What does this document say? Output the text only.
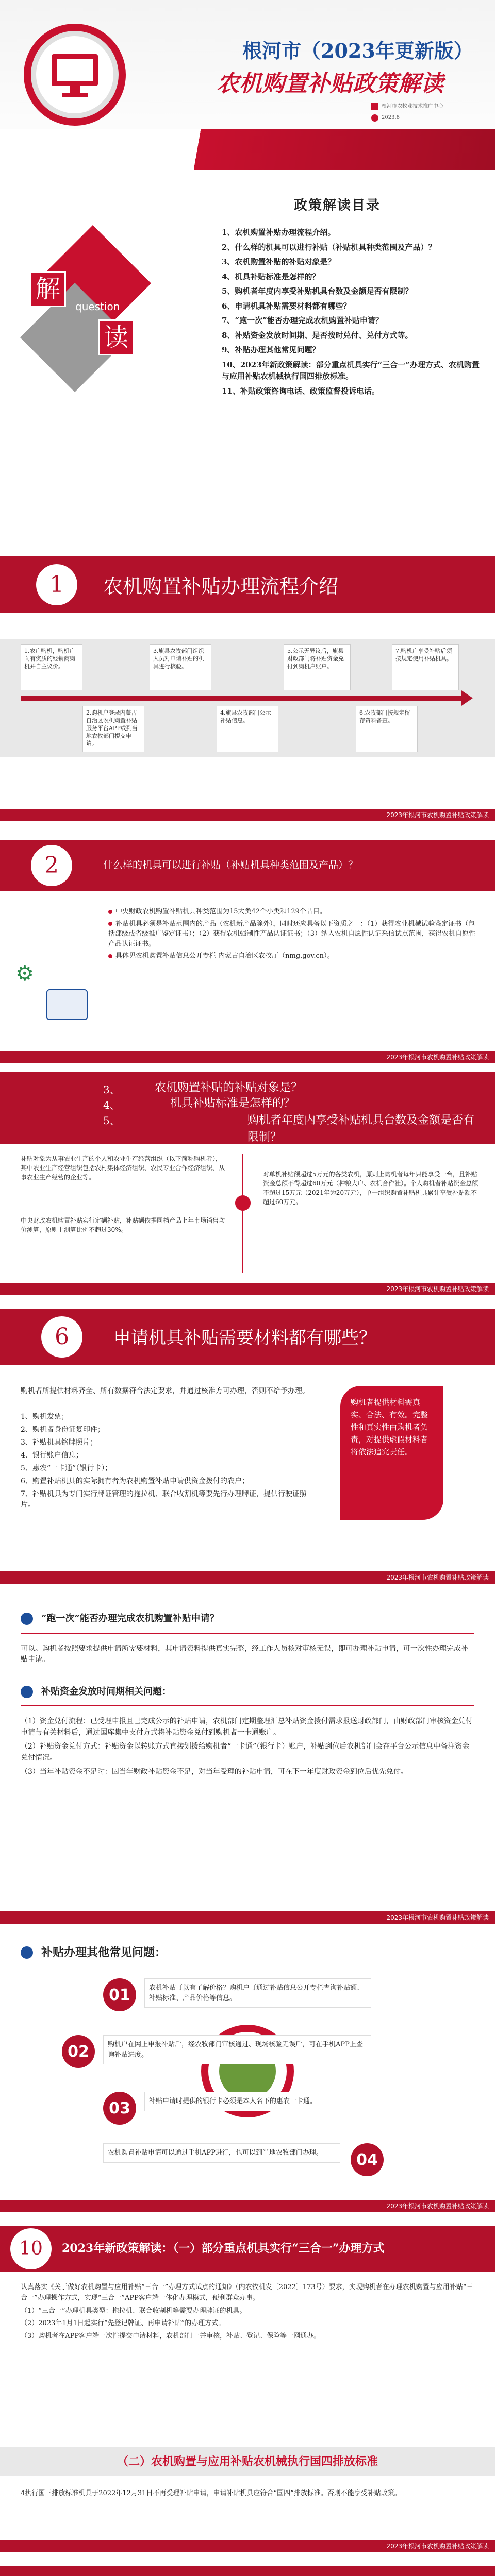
根河市（2023年更新版）
农机购置补贴政策解读
根河市农牧业技术推广中心
2023.8
政策解读目录
解
question
读
1、农机购置补贴办理流程介绍。
2、什么样的机具可以进行补贴（补贴机具种类范围及产品）？
3、农机购置补贴的补贴对象是？
4、机具补贴标准是怎样的？
5、购机者年度内享受补贴机具台数及金额是否有限制？
6、申请机具补贴需要材料都有哪些？
7、“跑一次”能否办理完成农机购置补贴申请？
8、补贴资金发放时间期、是否按时兑付、兑付方式等。
9、补贴办理其他常见问题？
10、2023年新政策解读：部分重点机具实行“三合一”办理方式、农机购置与应用补贴农机械执行国四排放标准。
11、补贴政策咨询电话、政策监督投诉电话。
1	农机购置补贴办理流程介绍
1.农户购机，购机户向有资质的经销商购机并自主议价。
2.购机户登录内蒙古自治区农机购置补贴服务平台APP或到当地农牧部门提交申请。
3.旗县农牧部门组织人员对申请补贴的机具进行核验。
4.旗县农牧部门公示补贴信息。
5.公示无异议后，旗县财政部门将补贴资金兑付到购机户账户。
6.农牧部门按规定留存资料备查。
7.购机户享受补贴后须按规定使用补贴机具。
2023年根河市农机购置补贴政策解读
2	什么样的机具可以进行补贴（补贴机具种类范围及产品）？
⚙

中央财政农机购置补贴机具种类范围为15大类42个小类和129个品目。

补贴机具必须是补贴范围内的产品（农机新产品除外），同时还应具备以下资质之一：（1）获得农业机械试验鉴定证书（包括部级或省级推广鉴定证书）；（2）获得农机强制性产品认证证书；（3）纳入农机自愿性认证采信试点范围，获得农机自愿性产品认证证书。

具体见农机购置补贴信息公开专栏 内蒙古自治区农牧厅（nmg.gov.cn）。

2023年根河市农机购置补贴政策解读
3、
4、
5、
农机购置补贴的补贴对象是？
机具补贴标准是怎样的？
购机者年度内享受补贴机具台数及金额是否有限制？
补贴对象为从事农业生产的个人和农业生产经营组织（以下简称购机者），其中农业生产经营组织包括农村集体经济组织、农民专业合作经济组织、从事农业生产经营的企业等。
中央财政农机购置补贴实行定额补贴，补贴额依据同档产品上年市场销售均价测算，原则上测算比例不超过30%。
对单机补贴额超过5万元的各类农机，原则上购机者每年只能享受一台，且补贴资金总额不得超过60万元（种粮大户、农机合作社）。个人购机者补贴资金总额不超过15万元（2021年为20万元），单一组织购置补贴机具累计享受补贴额不超过60万元。
2023年根河市农机购置补贴政策解读
6	申请机具补贴需要材料都有哪些？
购机者所提供材料齐全、所有数据符合法定要求，并通过核准方可办理，否则不给予办理。

1、购机发票；

2、购机者身份证复印件；

3、补贴机具铭牌照片；

4、银行账户信息；

5、惠农“一卡通”（银行卡）；

6、购置补贴机具的实际拥有者为农机购置补贴申请供资金拨付的农户；

7、补贴机具为专门实行牌证管理的拖拉机、联合收割机等要先行办理牌证，提供行驶证照片。

购机者提供材料需真实、合法、有效。完整性和真实性由购机者负责，对提供虚假材料者将依法追究责任。
2023年根河市农机购置补贴政策解读
“跑一次”能否办理完成农机购置补贴申请？
可以。购机者按照要求提供申请所需要材料，其申请资料提供真实完整，经工作人员核对审核无误，即可办理补贴申请，可一次性办理完成补贴申请。
补贴资金发放时间期相关问题：

（1）资金兑付流程：已受理申报且已完成公示的补贴申请，农机部门定期整理汇总补贴资金拨付需求报送财政部门，由财政部门审核资金兑付申请与有关材料后，通过国库集中支付方式将补贴资金兑付到购机者一卡通账户。

（2）补贴资金兑付方式：补贴资金以转账方式直接划拨给购机者“一卡通”（银行卡）账户，补贴到位后农机部门会在平台公示信息中备注资金兑付情况。

（3）当年补贴资金不足时：因当年财政补贴资金不足，对当年受理的补贴申请，可在下一年度财政资金到位后优先兑付。

2023年根河市农机购置补贴政策解读
补贴办理其他常见问题：
01	农机补贴可以有了解价格？购机户可通过补贴信息公开专栏查询补贴额、补贴标准、产品价格等信息。
02	购机户在网上申报补贴后，经农牧部门审核通过、现场核验无误后，可在手机APP上查询补贴进度。
03	补贴申请时提供的银行卡必须是本人名下的惠农一卡通。
04
农机购置补贴申请可以通过手机APP进行，也可以到当地农牧部门办理。
2023年根河市农机购置补贴政策解读
10	2023年新政策解读：（一）部分重点机具实行“三合一”办理方式

认真落实《关于做好农机购置与应用补贴“三合一”办理方式试点的通知》（内农牧机发〔2022〕173号）要求，实现购机者在办理农机购置与应用补贴“三合一”办理操作方式，实现“三合一”APP客户端一体化办理模式，便利群众办事。

（1）“三合一”办理机具类型：拖拉机、联合收割机等需要办理牌证的机具。

（2）2023年1月1日起实行“先登记牌证、再申请补贴”的办理方式。

（3）购机者在APP客户端一次性提交申请材料，农机部门一并审核，补贴、登记、保险等一网通办。

（二）农机购置与应用补贴农机械执行国四排放标准
4执行国三排放标准机具于2022年12月31日不再受理补贴申请，申请补贴机具应符合“国四”排放标准。否则不能享受补贴政策。
2023年根河市农机购置补贴政策解读
